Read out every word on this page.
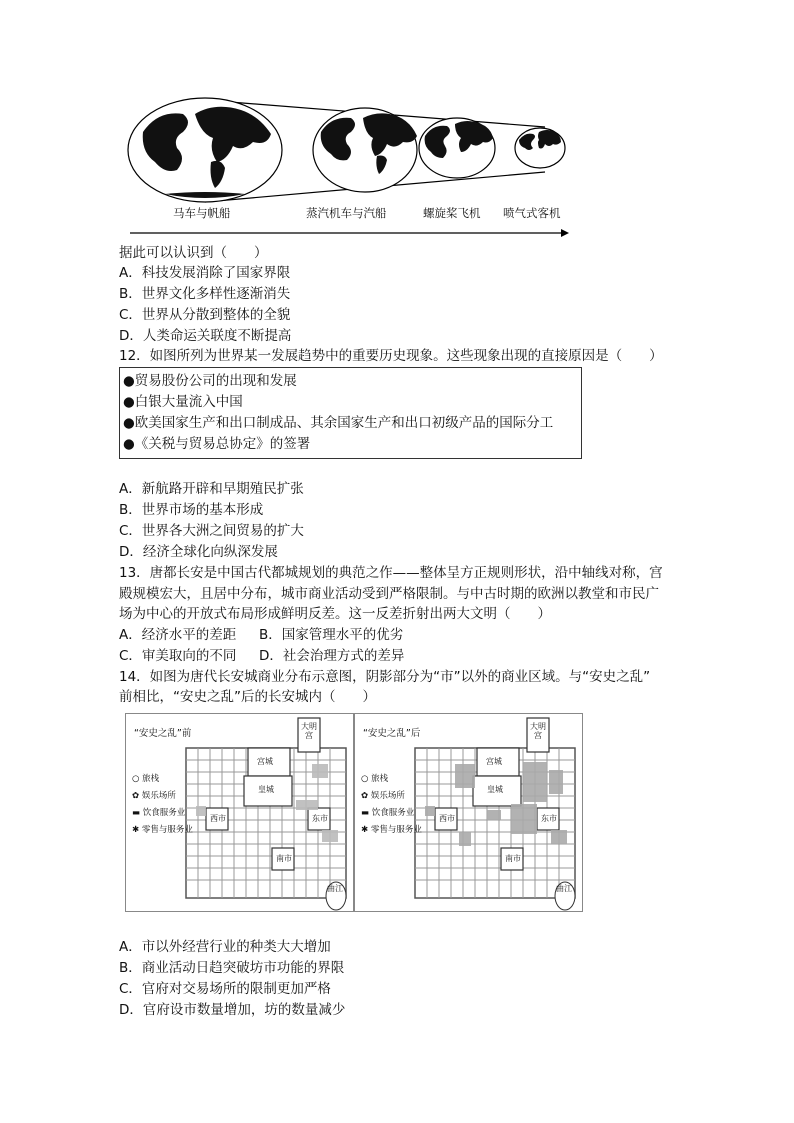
马车与帆船	蒸汽机车与汽船	螺旋桨飞机 喷气式客机
据此可以认识到（　　）
A．科技发展消除了国家界限
B．世界文化多样性逐渐消失
C．世界从分散到整体的全貌
D．人类命运关联度不断提高
12．如图所列为世界某一发展趋势中的重要历史现象。这些现象出现的直接原因是（　　）
●贸易股份公司的出现和发展
●白银大量流入中国
●欧美国家生产和出口制成品、其余国家生产和出口初级产品的国际分工
●《关税与贸易总协定》的签署
A．新航路开辟和早期殖民扩张
B．世界市场的基本形成
C．世界各大洲之间贸易的扩大
D．经济全球化向纵深发展
13．唐都长安是中国古代都城规划的典范之作——整体呈方正规则形状，沿中轴线对称，宫
殿规模宏大，且居中分布，城市商业活动受到严格限制。与中古时期的欧洲以教堂和市民广
场为中心的开放式布局形成鲜明反差。这一反差折射出两大文明（　　）
A．经济水平的差距 B．国家管理水平的优劣
C．审美取向的不同 D．社会治理方式的差异
14．如图为唐代长安城商业分布示意图，阴影部分为“市”以外的商业区域。与“安史之乱”
前相比，“安史之乱”后的长安城内（　　）
“安史之乱”前
大明宫
宫城
皇城
西市	东市
南市
曲江
○ 旅栈
✿ 娱乐场所
▬ 饮食服务业
✱ 零售与服务业
“安史之乱”后
大明宫
宫城
皇城
西市	东市
南市
曲江
○ 旅栈
✿ 娱乐场所
▬ 饮食服务业
✱ 零售与服务业
A．市以外经营行业的种类大大增加
B．商业活动日趋突破坊市功能的界限
C．官府对交易场所的限制更加严格
D．官府设市数量增加，坊的数量减少
